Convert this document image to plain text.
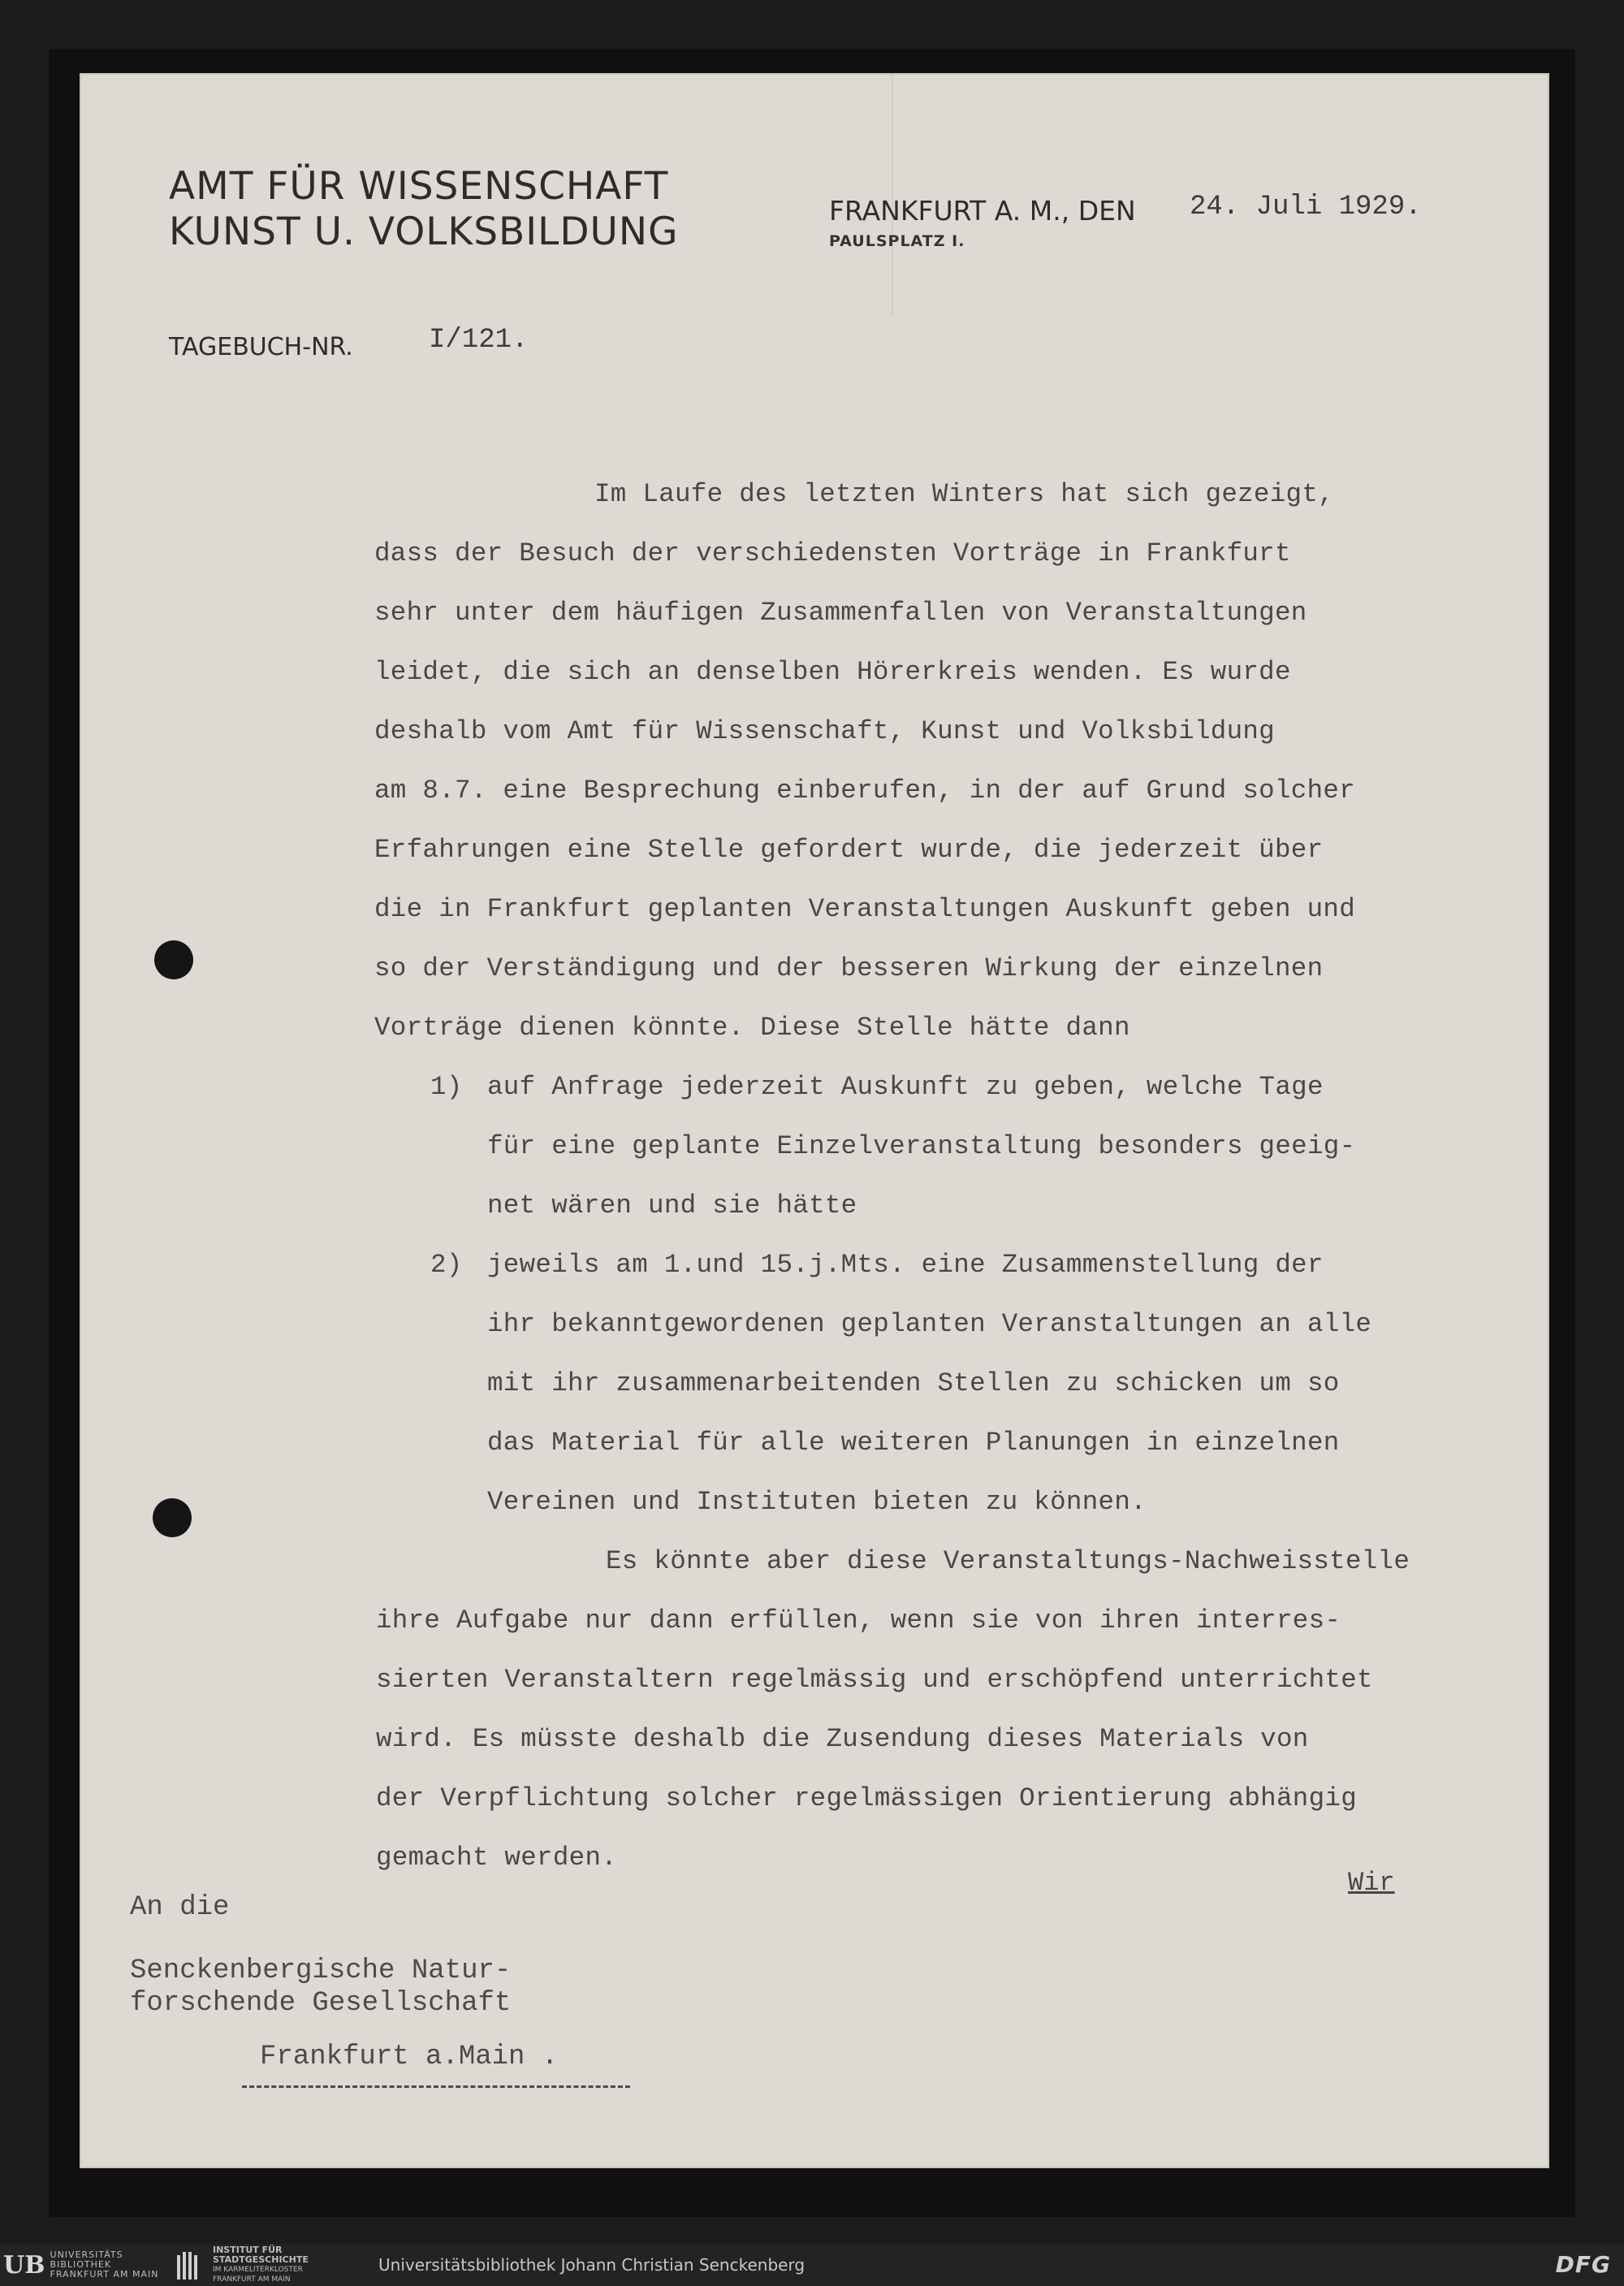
AMT FÜR WISSENSCHAFT
KUNST U. VOLKSBILDUNG	FRANKFURT A. M., DEN
PAULSPLATZ I.
24. Juli 1929.
TAGEBUCH-NR.	I/121.
Im Laufe des letzten Winters hat sich gezeigt,
dass der Besuch der verschiedensten Vorträge in Frankfurt
sehr unter dem häufigen Zusammenfallen von Veranstaltungen
leidet, die sich an denselben Hörerkreis wenden. Es wurde
deshalb vom Amt für Wissenschaft, Kunst und Volksbildung
am 8.7. eine Besprechung einberufen, in der auf Grund solcher
Erfahrungen eine Stelle gefordert wurde, die jederzeit über
die in Frankfurt geplanten Veranstaltungen Auskunft geben und
so der Verständigung und der besseren Wirkung der einzelnen
Vorträge dienen könnte. Diese Stelle hätte dann
1) auf Anfrage jederzeit Auskunft zu geben, welche Tage
für eine geplante Einzelveranstaltung besonders geeig-
net wären und sie hätte
2) jeweils am 1.und 15.j.Mts. eine Zusammenstellung der
ihr bekanntgewordenen geplanten Veranstaltungen an alle
mit ihr zusammenarbeitenden Stellen zu schicken um so
das Material für alle weiteren Planungen in einzelnen
Vereinen und Instituten bieten zu können.
Es könnte aber diese Veranstaltungs-Nachweisstelle
ihre Aufgabe nur dann erfüllen, wenn sie von ihren interres-
sierten Veranstaltern regelmässig und erschöpfend unterrichtet
wird. Es müsste deshalb die Zusendung dieses Materials von
der Verpflichtung solcher regelmässigen Orientierung abhängig
gemacht werden.
Wir
An die
Senckenbergische Natur-
forschende Gesellschaft
Frankfurt a.Main .
UB UNIVERSITÄTS
BIBLIOTHEK
FRANKFURT AM MAIN
INSTITUT FÜR
STADTGESCHICHTE
IM KARMELITERKLOSTER
FRANKFURT AM MAIN
Universitätsbibliothek Johann Christian Senckenberg	DFG
